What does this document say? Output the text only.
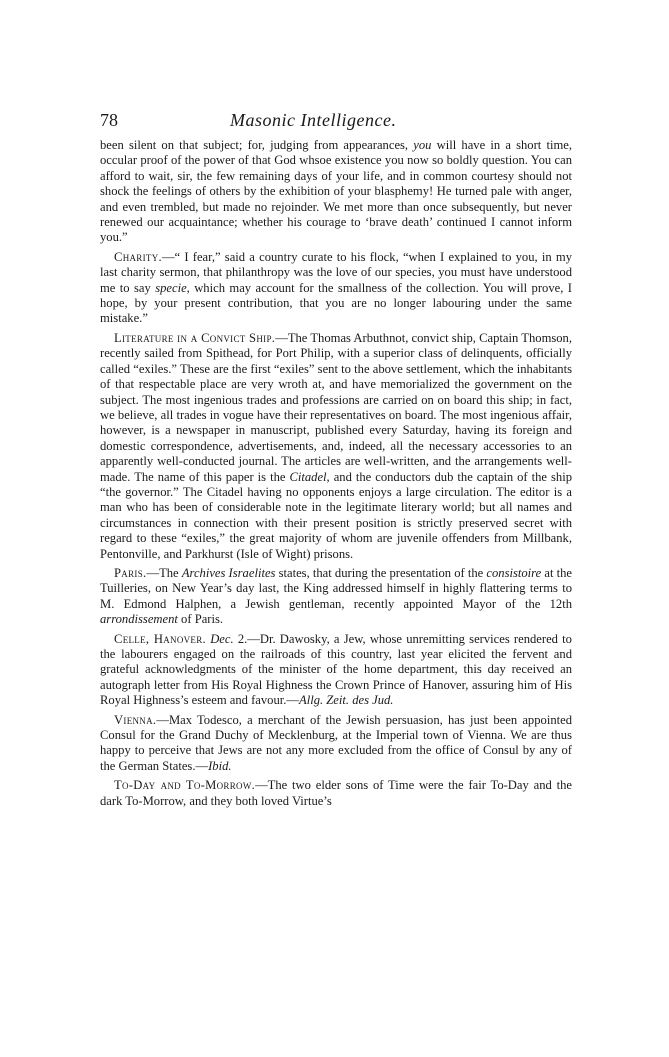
78	Masonic Intelligence.

been silent on that subject; for, judging from appearances, you will have in a short time, occular proof of the power of that God whsoe existence you now so boldly question. You can afford to wait, sir, the few remaining days of your life, and in common courtesy should not shock the feelings of others by the exhibition of your blasphemy! He turned pale with anger, and even trembled, but made no rejoinder. We met more than once subsequently, but never renewed our acquaintance; whether his courage to ‘brave death’ continued I cannot inform you.”

Charity.—“ I fear,” said a country curate to his flock, “when I explained to you, in my last charity sermon, that philanthropy was the love of our species, you must have understood me to say specie, which may account for the smallness of the collection. You will prove, I hope, by your present contribution, that you are no longer labouring under the same mistake.”

Literature in a Convict Ship.—The Thomas Arbuthnot, convict ship, Captain Thomson, recently sailed from Spithead, for Port Philip, with a superior class of delinquents, officially called “exiles.” These are the first “exiles” sent to the above settlement, which the inhabitants of that respectable place are very wroth at, and have memorialized the government on the subject. The most ingenious trades and professions are carried on on board this ship; in fact, we believe, all trades in vogue have their representatives on board. The most ingenious affair, however, is a newspaper in manuscript, published every Saturday, having its foreign and domestic correspondence, advertisements, and, indeed, all the necessary accessories to an apparently well-conducted journal. The articles are well-written, and the arrangements well-made. The name of this paper is the Citadel, and the conductors dub the captain of the ship “the governor.” The Citadel having no opponents enjoys a large circulation. The editor is a man who has been of considerable note in the legitimate literary world; but all names and circumstances in connection with their present position is strictly preserved secret with regard to these “exiles,” the great majority of whom are juvenile offenders from Millbank, Pentonville, and Parkhurst (Isle of Wight) prisons.

Paris.—The Archives Israelites states, that during the presentation of the consistoire at the Tuilleries, on New Year’s day last, the King addressed himself in highly flattering terms to M. Edmond Halphen, a Jewish gentleman, recently appointed Mayor of the 12th arrondissement of Paris.

Celle, Hanover. Dec. 2.—Dr. Dawosky, a Jew, whose unremitting services rendered to the labourers engaged on the railroads of this country, last year elicited the fervent and grateful acknowledgments of the minister of the home department, this day received an autograph letter from His Royal Highness the Crown Prince of Hanover, assuring him of His Royal Highness’s esteem and favour.—Allg. Zeit. des Jud.

Vienna.—Max Todesco, a merchant of the Jewish persuasion, has just been appointed Consul for the Grand Duchy of Mecklenburg, at the Imperial town of Vienna. We are thus happy to perceive that Jews are not any more excluded from the office of Consul by any of the German States.—Ibid.

To-Day and To-Morrow.—The two elder sons of Time were the fair To-Day and the dark To-Morrow, and they both loved Virtue’s
